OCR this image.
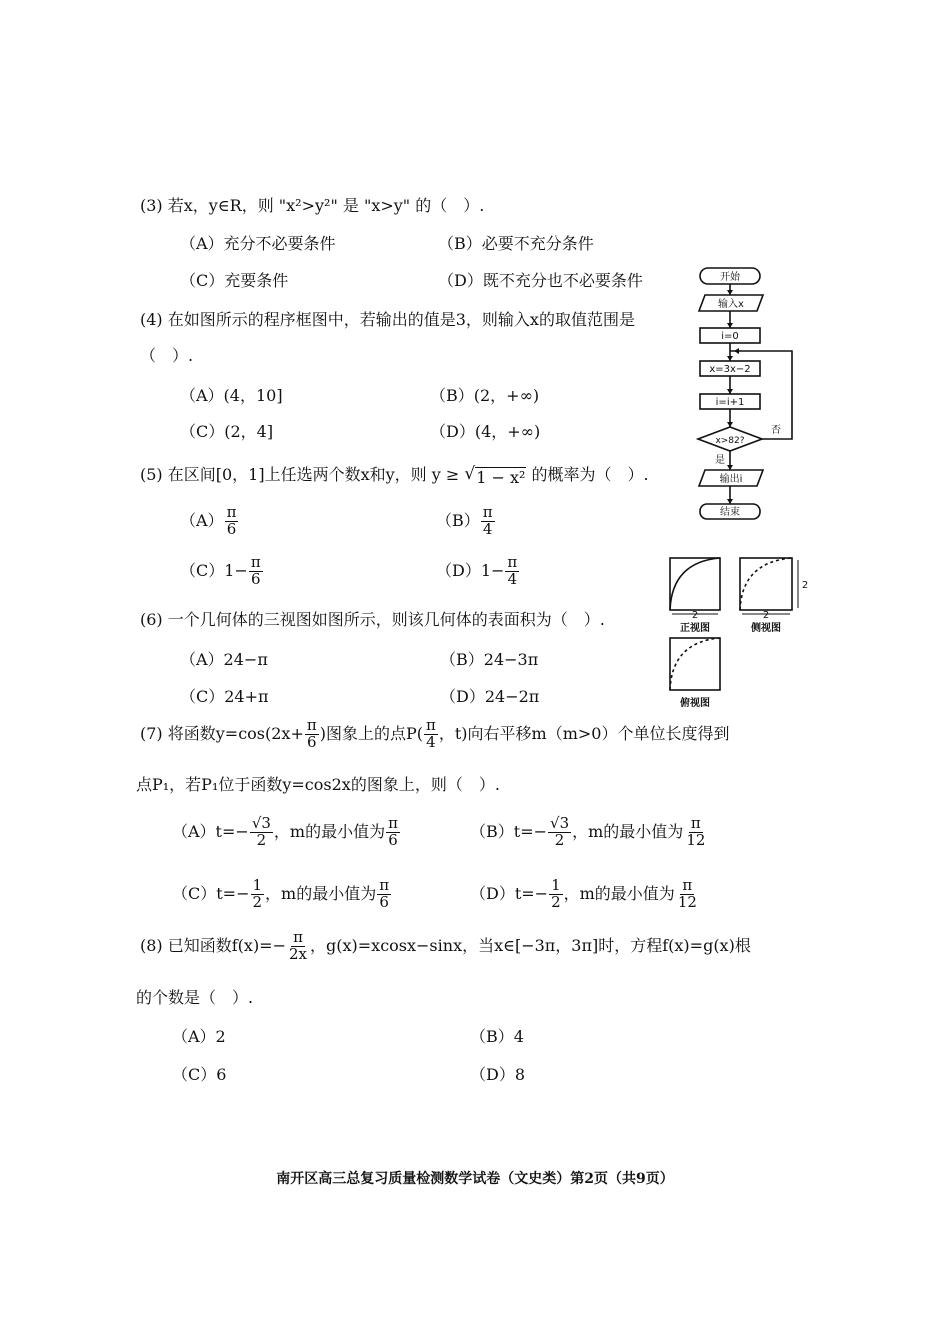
(3) 若x，y∈R，则 "x²>y²" 是 "x>y" 的（　）.
（A）充分不必要条件	（B）必要不充分条件
（C）充要条件	（D）既不充分也不必要条件
(4) 在如图所示的程序框图中，若输出的值是3，则输入x的取值范围是
（　）.
（A）(4，10]	（B）(2，+∞)
（C）(2，4]	（D）(4，+∞)
(5) 在区间[0，1]上任选两个数x和y，则 y ≥ √ 1 − x² 的概率为（　）.
$(A) \frac{\pi}{6}$	$(B) \frac{\pi}{4}$
$(C)1- \frac{\pi}{6}$	$(D)1- \frac{\pi}{4}$
(6) 一个几何体的三视图如图所示，则该几何体的表面积为（　）.
（A）24−π	（B）24−3π
（C）24+π	（D）24−2π
(7) 将函数$y=\cos(2x+ \frac{\pi}{6}$ )图象上的点$P( \frac{\pi}{4}$ ，t)向右平移m（m>0）个单位长度得到
点P₁，若P₁位于函数y=cos2x的图象上，则（　）.
$(A)t=- \frac{√3}{2}$ ，m的最小值为 $\frac{\pi}{6}$	$(B)t=- \frac{√3}{2}$ ，m的最小值为 $\frac{\pi}{12}$
$(C)t=- \frac{1}{2}$ ，m的最小值为 $\frac{\pi}{6}$	$(D)t=- \frac{1}{2}$ ，m的最小值为 $\frac{\pi}{12}$
(8) 已知函数$f(x)=- \frac{\pi}{2x}$ ，g(x)=xcosx−sinx，当x∈[−3π，3π]时，方程f(x)=g(x)根
的个数是（　）.
（A）2	（B）4
（C）6	（D）8
开始
输入x
i=0
x=3x−2
i=i+1
x>82?
否
是
输出i
结束
2	2
2
正视图	侧视图
俯视图
南开区高三总复习质量检测数学试卷（文史类）第2页（共9页）
